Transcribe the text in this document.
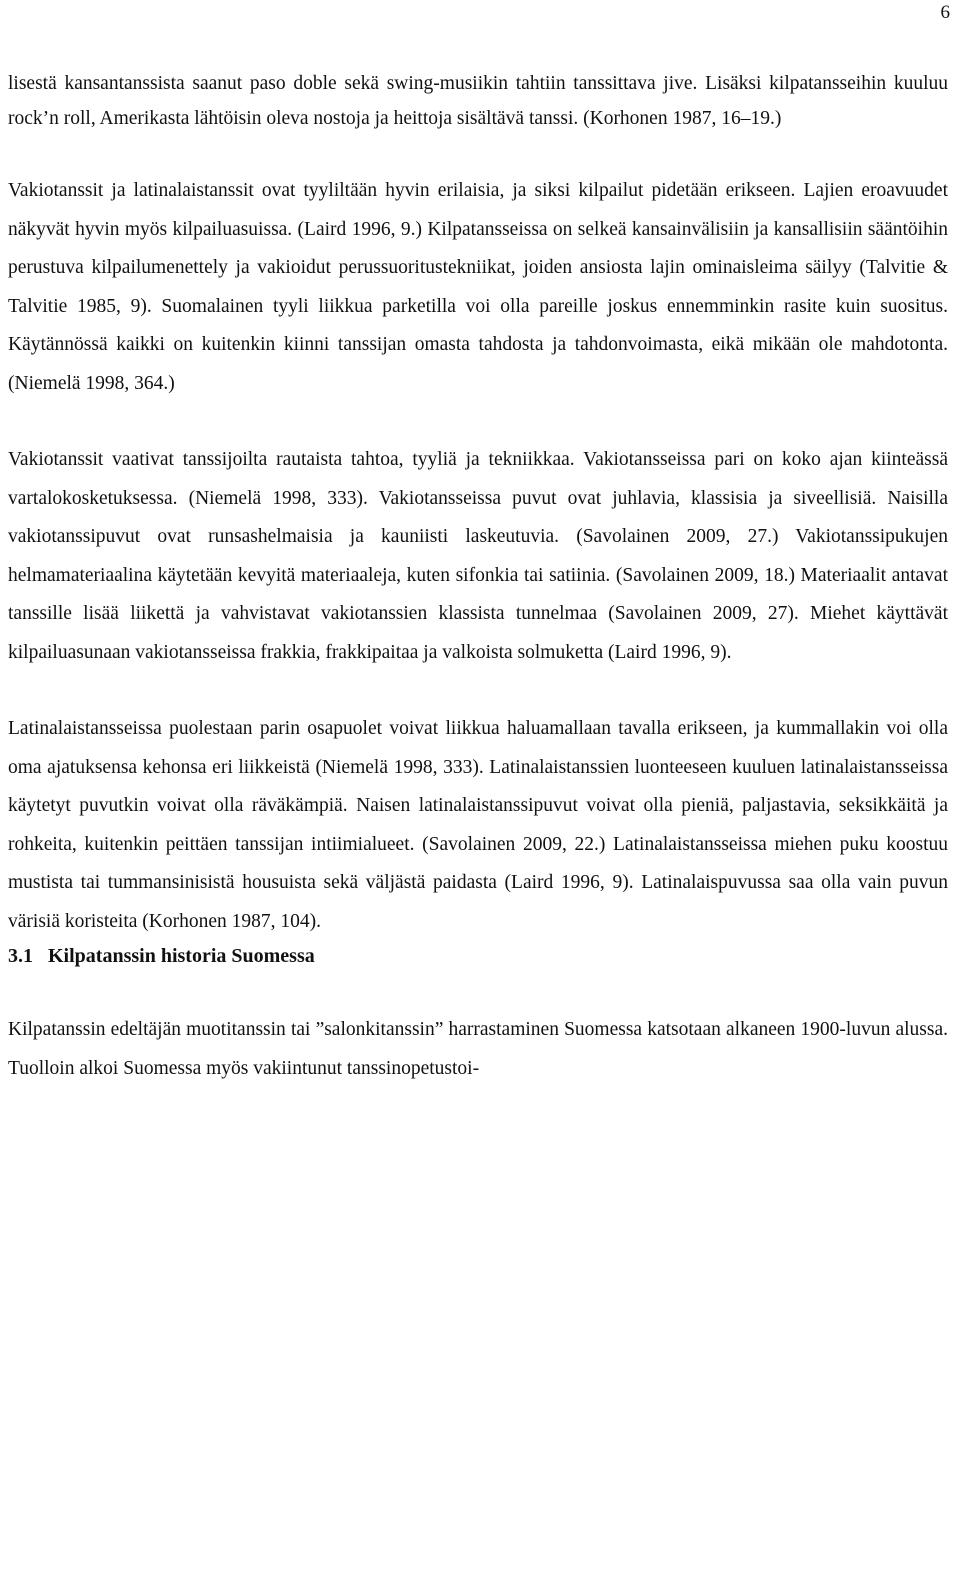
6

lisestä kansantanssista saanut paso doble sekä swing-musiikin tahtiin tanssittava jive. Lisäksi kilpatansseihin kuuluu rock’n roll, Amerikasta lähtöisin oleva nostoja ja heittoja sisältävä tanssi. (Korhonen 1987, 16–19.)

Vakiotanssit ja latinalaistanssit ovat tyyliltään hyvin erilaisia, ja siksi kilpailut pidetään erikseen. Lajien eroavuudet näkyvät hyvin myös kilpailuasuissa. (Laird 1996, 9.) Kilpatansseissa on selkeä kansainvälisiin ja kansallisiin sääntöihin perustuva kilpailumenettely ja vakioidut perussuoritustekniikat, joiden ansiosta lajin ominaisleima säilyy (Talvitie & Talvitie 1985, 9). Suomalainen tyyli liikkua parketilla voi olla pareille joskus ennemminkin rasite kuin suositus. Käytännössä kaikki on kuitenkin kiinni tanssijan omasta tahdosta ja tahdonvoimasta, eikä mikään ole mahdotonta. (Niemelä 1998, 364.)

Vakiotanssit vaativat tanssijoilta rautaista tahtoa, tyyliä ja tekniikkaa. Vakiotansseissa pari on koko ajan kiinteässä vartalokosketuksessa. (Niemelä 1998, 333). Vakiotansseissa puvut ovat juhlavia, klassisia ja siveellisiä. Naisilla vakiotanssipuvut ovat runsashelmaisia ja kauniisti laskeutuvia. (Savolainen 2009, 27.) Vakiotanssipukujen helmamateriaalina käytetään kevyitä materiaaleja, kuten sifonkia tai satiinia. (Savolainen 2009, 18.) Materiaalit antavat tanssille lisää liikettä ja vahvistavat vakiotanssien klassista tunnelmaa (Savolainen 2009, 27). Miehet käyttävät kilpailuasunaan vakiotansseissa frakkia, frakkipaitaa ja valkoista solmuketta (Laird 1996, 9).

Latinalaistansseissa puolestaan parin osapuolet voivat liikkua haluamallaan tavalla erikseen, ja kummallakin voi olla oma ajatuksensa kehonsa eri liikkeistä (Niemelä 1998, 333). Latinalaistanssien luonteeseen kuuluen latinalaistansseissa käytetyt puvutkin voivat olla räväkämpiä. Naisen latinalaistanssipuvut voivat olla pieniä, paljastavia, seksikkäitä ja rohkeita, kuitenkin peittäen tanssijan intiimialueet. (Savolainen 2009, 22.) Latinalaistansseissa miehen puku koostuu mustista tai tummansinisistä housuista sekä väljästä paidasta (Laird 1996, 9). Latinalaispuvussa saa olla vain puvun värisiä koristeita (Korhonen 1987, 104).

3.1 Kilpatanssin historia Suomessa

Kilpatanssin edeltäjän muotitanssin tai ”salonkitanssin” harrastaminen Suomessa katsotaan alkaneen 1900-luvun alussa. Tuolloin alkoi Suomessa myös vakiintunut tanssinopetustoi-
